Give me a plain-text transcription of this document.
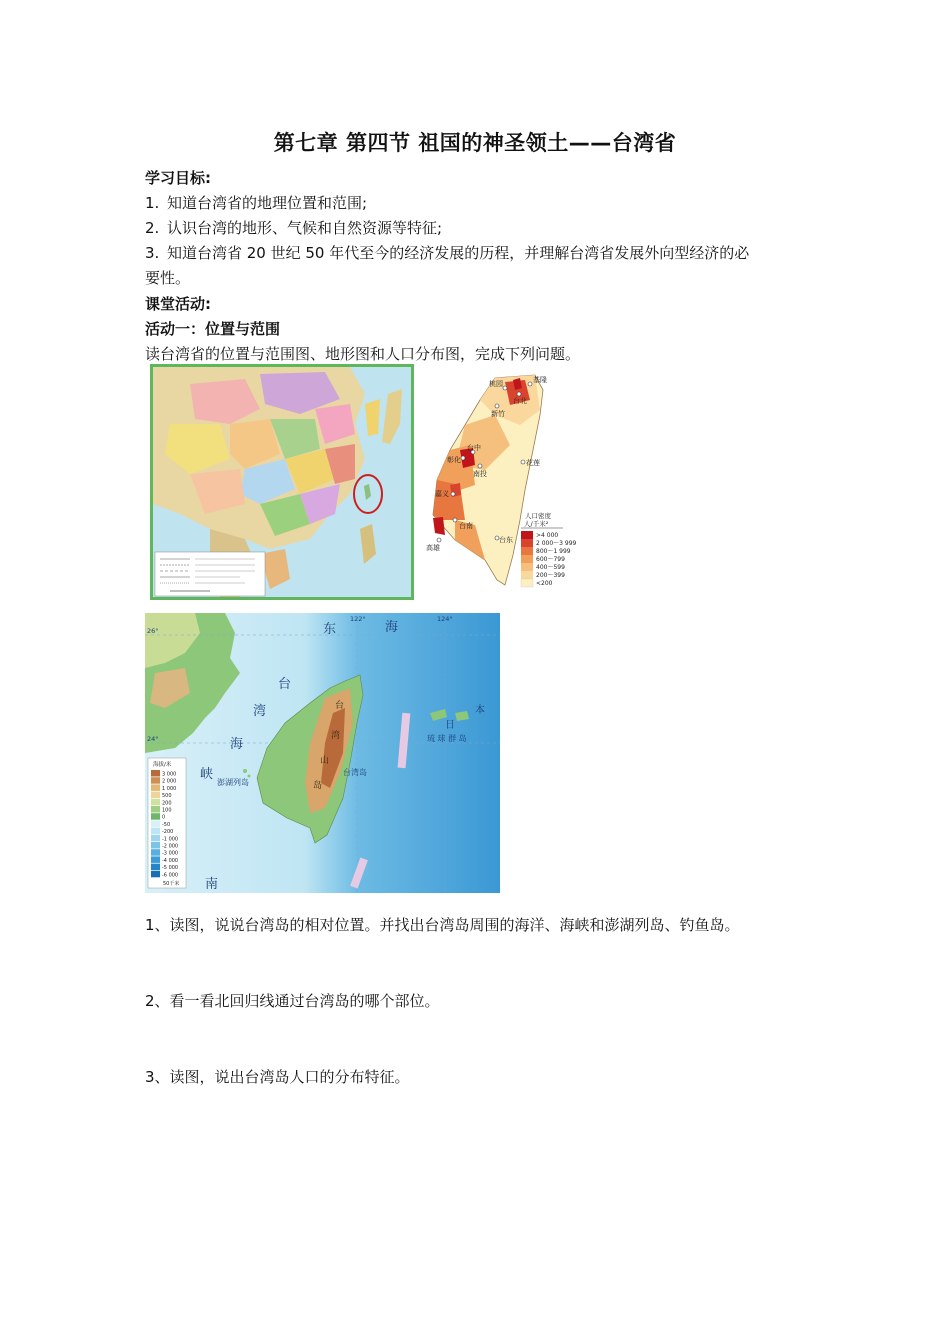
第七章 第四节 祖国的神圣领土——台湾省
学习目标:
1. 知道台湾省的地理位置和范围;
2. 认识台湾的地形、气候和自然资源等特征;
3. 知道台湾省 20 世纪 50 年代至今的经济发展的历程，并理解台湾省发展外向型经济的必
要性。
课堂活动:
活动一：位置与范围
读台湾省的位置与范围图、地形图和人口分布图，完成下列问题。
基隆
桃园
台北
新竹
台中
彰化
南投
花莲
嘉义
台南
高雄
台东
人口密度
人/千米²
>4 000
2 000～3 999
800～1 999
600～799
400～599
200～399
<200
东	海
台
湾
海
峡
南
台
湾
山
岛
台湾岛
澎湖列岛
琉 球 群 岛
日
本
122°	124°
24°
26°
海拔/米
3 000
2 000
1 000
500
200
100
0
-50
-200
-1 000
-2 000
-3 000
-4 000
-5 000
-6 000
50千米
1、读图，说说台湾岛的相对位置。并找出台湾岛周围的海洋、海峡和澎湖列岛、钓鱼岛。
2、看一看北回归线通过台湾岛的哪个部位。
3、读图，说出台湾岛人口的分布特征。
